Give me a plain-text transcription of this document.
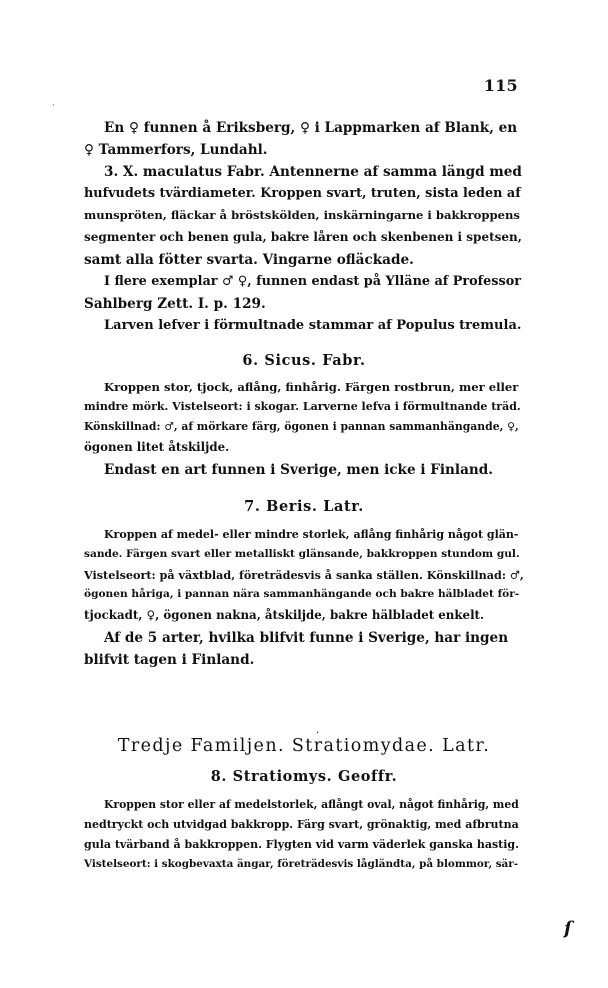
115
·
En ♀ funnen å Eriksberg, ♀ i Lappmarken af Blank, en
♀ Tammerfors, Lundahl.
3. X. maculatus Fabr. Antennerne af samma längd med
hufvudets tvärdiameter. Kroppen svart, truten, sista leden af
munspröten, fläckar å bröstskölden, inskärningarne i bakkroppens
segmenter och benen gula, bakre låren och skenbenen i spetsen,
samt alla fötter svarta. Vingarne ofläckade.
I flere exemplar ♂ ♀, funnen endast på Ylläne af Professor
Sahlberg Zett. I. p. 129.
Larven lefver i förmultnade stammar af Populus tremula.
6. Sicus. Fabr.
Kroppen stor, tjock, aflång, finhårig. Färgen rostbrun, mer eller
mindre mörk. Vistelseort: i skogar. Larverne lefva i förmultnande träd.
Könskillnad: ♂, af mörkare färg, ögonen i pannan sammanhängande, ♀,
ögonen litet åtskiljde.
Endast en art funnen i Sverige, men icke i Finland.
7. Beris. Latr.
Kroppen af medel- eller mindre storlek, aflång finhårig något glän-
sande. Färgen svart eller metalliskt glänsande, bakkroppen stundom gul.
Vistelseort: på växtblad, företrädesvis å sanka ställen. Könskillnad: ♂,
ögonen håriga, i pannan nära sammanhängande och bakre hälbladet för-
tjockadt, ♀, ögonen nakna, åtskiljde, bakre hälbladet enkelt.
Af de 5 arter, hvilka blifvit funne i Sverige, har ingen
blifvit tagen i Finland.
·
Tredje Familjen. Stratiomydae. Latr.
8. Stratiomys. Geoffr.
Kroppen stor eller af medelstorlek, aflångt oval, något finhårig, med
nedtryckt och utvidgad bakkropp. Färg svart, grönaktig, med afbrutna
gula tvärband å bakkroppen. Flygten vid varm väderlek ganska hastig.
Vistelseort: i skogbevaxta ängar, företrädesvis lågländta, på blommor, sär-
ſ
